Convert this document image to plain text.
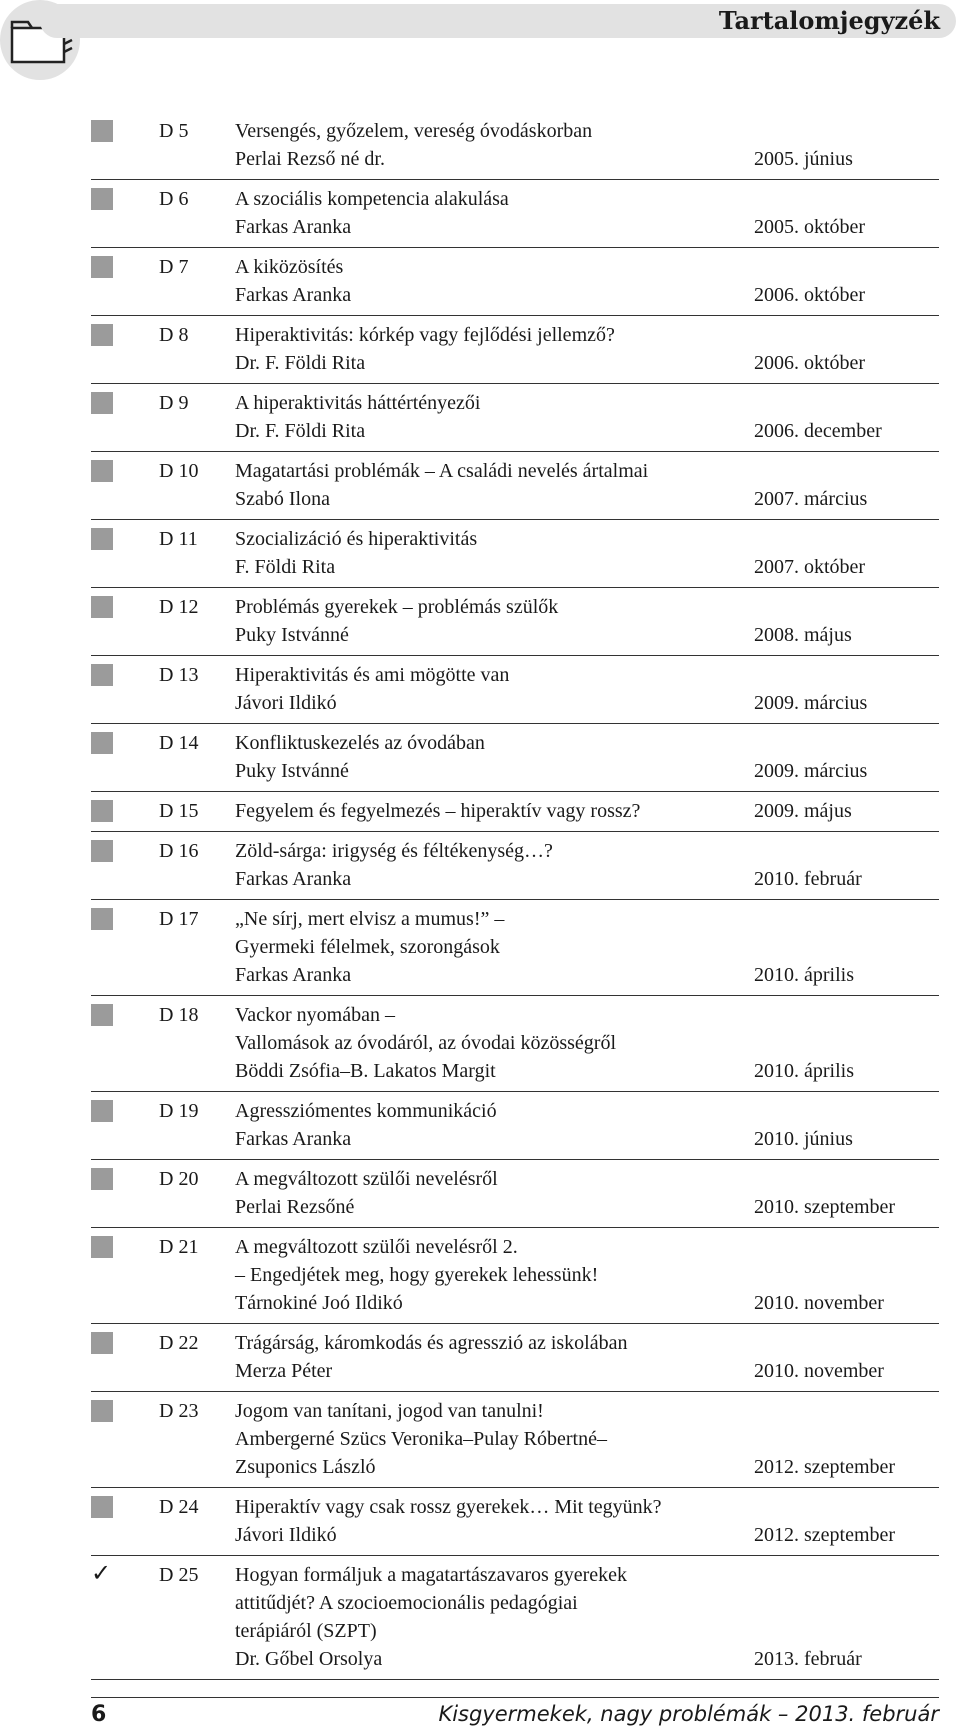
Tartalomjegyzék
D 5 Versengés, győzelem, vereség óvodáskorban
Perlai Rezső né dr.	2005. június
D 6 A szociális kompetencia alakulása
Farkas Aranka	2005. október
D 7 A kiközösítés
Farkas Aranka	2006. október
D 8 Hiperaktivitás: kórkép vagy fejlődési jellemző?
Dr. F. Földi Rita	2006. október
D 9 A hiperaktivitás háttértényezői
Dr. F. Földi Rita	2006. december
D 10 Magatartási problémák – A családi nevelés ártalmai
Szabó Ilona	2007. március
D 11 Szocializáció és hiperaktivitás
F. Földi Rita	2007. október
D 12 Problémás gyerekek – problémás szülők
Puky Istvánné	2008. május
D 13 Hiperaktivitás és ami mögötte van
Jávori Ildikó	2009. március
D 14 Konfliktuskezelés az óvodában
Puky Istvánné	2009. március
D 15 Fegyelem és fegyelmezés – hiperaktív vagy rossz?	2009. május
D 16 Zöld-sárga: irigység és féltékenység…?
Farkas Aranka	2010. február
D 17 „Ne sírj, mert elvisz a mumus!” –
Gyermeki félelmek, szorongások
Farkas Aranka	2010. április
D 18 Vackor nyomában –
Vallomások az óvodáról, az óvodai közösségről
Böddi Zsófia–B. Lakatos Margit	2010. április
D 19 Agressziómentes kommunikáció
Farkas Aranka	2010. június
D 20 A megváltozott szülői nevelésről
Perlai Rezsőné	2010. szeptember
D 21 A megváltozott szülői nevelésről 2.
– Engedjétek meg, hogy gyerekek lehessünk!
Tárnokiné Joó Ildikó	2010. november
D 22 Trágárság, káromkodás és agresszió az iskolában
Merza Péter	2010. november
D 23 Jogom van tanítani, jogod van tanulni!
Ambergerné Szücs Veronika–Pulay Róbertné–
Zsuponics László	2012. szeptember
D 24 Hiperaktív vagy csak rossz gyerekek… Mit tegyünk?
Jávori Ildikó	2012. szeptember
✓ D 25 Hogyan formáljuk a magatartászavaros gyerekek
attitűdjét? A szocioemocionális pedagógiai
terápiáról (SZPT)
Dr. Gőbel Orsolya	2013. február
6	Kisgyermekek, nagy problémák – 2013. február
